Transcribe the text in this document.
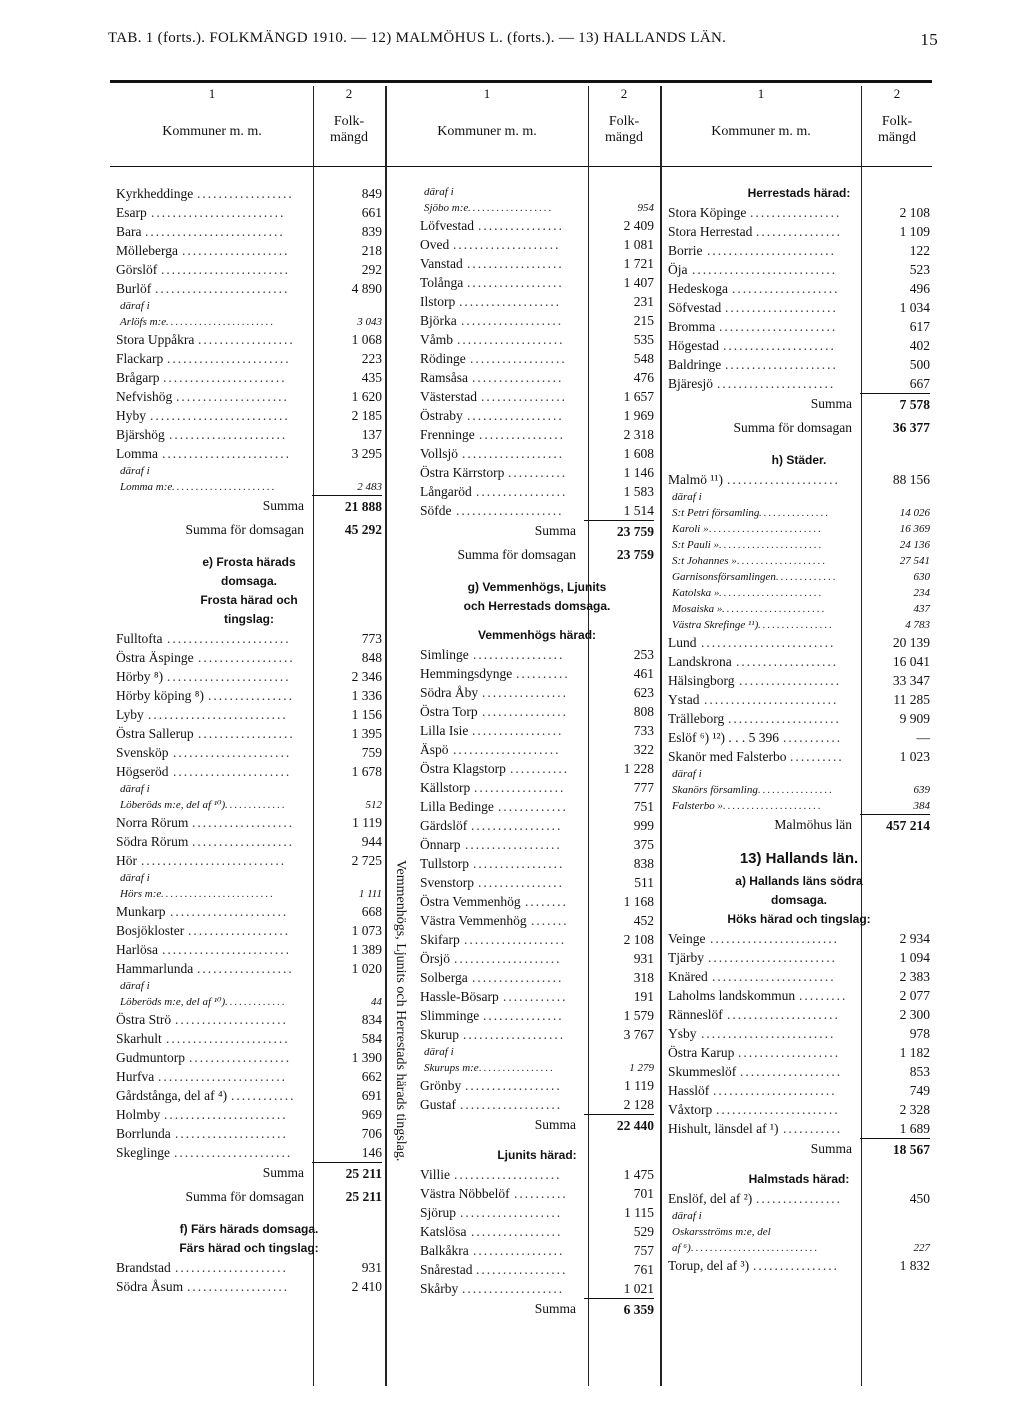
TAB. 1 (forts.). FOLKMÄNGD 1910. — 12) MALMÖHUS L. (forts.). — 13) HALLANDS LÄN.	15
1
Kommuner m. m.
2
Folk-
mängd
1
Kommuner m. m.
2
Folk-
mängd
1
Kommuner m. m.
2
Folk-
mängd
Vemmenhögs, Ljunits och Herrestads härads tingslag.
Kyrkheddinge ..................	849
Esarp .........................	661
Bara ..........................	839
Mölleberga ....................	218
Görslöf ........................	292
Burlöf .........................	4 890
däraf i
Arlöfs m:e .......................	3 043
Stora Uppåkra ..................	1 068
Flackarp .......................	223
Brågarp .......................	435
Nefvishög .....................	1 620
Hyby ..........................	2 185
Bjärshög ......................	137
Lomma ........................	3 295
däraf i
Lomma m:e ......................	2 483
Summa	21 888
Summa för domsagan	45 292
e) Frosta härads
domsaga.
Frosta härad och
tingslag:
Fulltofta .......................	773
Östra Äspinge ..................	848
Hörby ⁸) .......................	2 346
Hörby köping ⁸) ................	1 336
Lyby ..........................	1 156
Östra Sallerup ..................	1 395
Svensköp ......................	759
Högseröd ......................	1 678
däraf i
Löberöds m:e, del af ¹⁰) .............	512
Norra Rörum ...................	1 119
Södra Rörum ...................	944
Hör ...........................	2 725
däraf i
Hörs m:e ........................	1 111
Munkarp ......................	668
Bosjökloster ...................	1 073
Harlösa ........................	1 389
Hammarlunda ..................	1 020
däraf i
Löberöds m:e, del af ¹⁰) .............	44
Östra Strö .....................	834
Skarhult .......................	584
Gudmuntorp ...................	1 390
Hurfva ........................	662
Gårdstånga, del af ⁴) ............	691
Holmby .......................	969
Borrlunda .....................	706
Skeglinge ......................	146
Summa	25 211
Summa för domsagan	25 211
f) Färs härads domsaga.
Färs härad och tingslag:
Brandstad .....................	931
Södra Åsum ...................	2 410
däraf i
Sjöbo m:e ..................	954
Löfvestad ................	2 409
Oved ....................	1 081
Vanstad ..................	1 721
Tolånga ..................	1 407
Ilstorp ...................	231
Björka ...................	215
Våmb ....................	535
Rödinge ..................	548
Ramsåsa .................	476
Västerstad ................	1 657
Östraby ..................	1 969
Frenninge ................	2 318
Vollsjö ...................	1 608
Östra Kärrstorp ...........	1 146
Långaröd .................	1 583
Söfde ....................	1 514
Summa	23 759
Summa för domsagan	23 759
g) Vemmenhögs, Ljunits
och Herrestads domsaga.
Vemmenhögs härad:
Simlinge .................	253
Hemmingsdynge ..........	461
Södra Åby ................	623
Östra Torp ................	808
Lilla Isie .................	733
Äspö ....................	322
Östra Klagstorp ...........	1 228
Källstorp .................	777
Lilla Bedinge .............	751
Gärdslöf .................	999
Önnarp ..................	375
Tullstorp .................	838
Svenstorp ................	511
Östra Vemmenhög ........	1 168
Västra Vemmenhög .......	452
Skifarp ...................	2 108
Örsjö ....................	931
Solberga .................	318
Hassle-Bösarp ............	191
Slimminge ...............	1 579
Skurup ...................	3 767
däraf i
Skurups m:e ................	1 279
Grönby ..................	1 119
Gustaf ...................	2 128
Summa	22 440
Ljunits härad:
Villie ....................	1 475
Västra Nöbbelöf ..........	701
Sjörup ...................	1 115
Katslösa .................	529
Balkåkra .................	757
Snårestad .................	761
Skårby ...................	1 021
Summa	6 359
Herrestads härad:
Stora Köpinge .................	2 108
Stora Herrestad ................	1 109
Borrie ........................	122
Öja ...........................	523
Hedeskoga ....................	496
Söfvestad .....................	1 034
Bromma ......................	617
Högestad .....................	402
Baldringe .....................	500
Bjäresjö ......................	667
Summa	7 578
Summa för domsagan	36 377
h) Städer.
Malmö ¹¹) .....................	88 156
däraf i
S:t Petri församling ...............	14 026
Karoli » ........................	16 369
S:t Pauli » ......................	24 136
S:t Johannes » ...................	27 541
Garnisonsförsamlingen .............	630
Katolska » ......................	234
Mosaiska » ......................	437
Västra Skrefinge ¹¹) ................	4 783
Lund .........................	20 139
Landskrona ...................	16 041
Hälsingborg ...................	33 347
Ystad .........................	11 285
Trälleborg .....................	9 909
Eslöf ⁶) ¹²) . . . 5 396 ...........	—
Skanör med Falsterbo ..........	1 023
däraf i
Skanörs församling ................	639
Falsterbo » .....................	384
Malmöhus län	457 214
13) Hallands län.
a) Hallands läns södra
domsaga.
Höks härad och tingslag:
Veinge ........................	2 934
Tjärby ........................	1 094
Knäred .......................	2 383
Laholms landskommun .........	2 077
Ränneslöf .....................	2 300
Ysby .........................	978
Östra Karup ...................	1 182
Skummeslöf ...................	853
Hasslöf .......................	749
Våxtorp .......................	2 328
Hishult, länsdel af ¹) ...........	1 689
Summa	18 567
Halmstads härad:
Enslöf, del af ²) ................	450
däraf i
Oskarsströms m:e, del
af ⁶) ...........................	227
Torup, del af ³) ................	1 832
